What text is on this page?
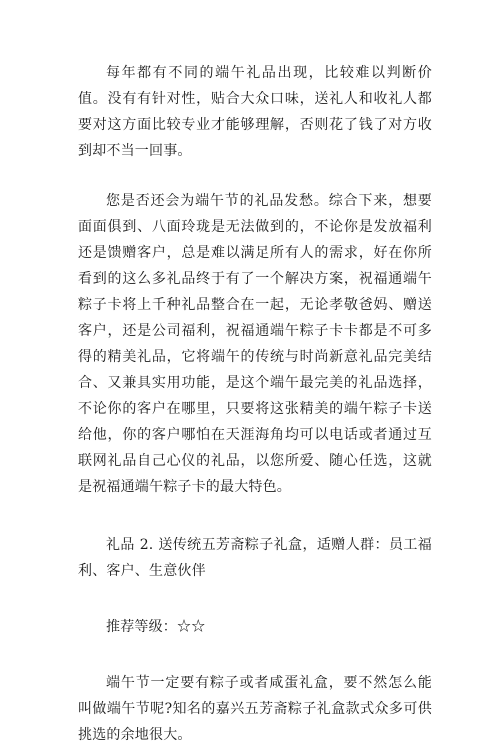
每年都有不同的端午礼品出现，比较难以判断价值。没有有针对性，贴合大众口味，送礼人和收礼人都要对这方面比较专业才能够理解，否则花了钱了对方收到却不当一回事。

您是否还会为端午节的礼品发愁。综合下来，想要面面俱到、八面玲珑是无法做到的，不论你是发放福利还是馈赠客户，总是难以满足所有人的需求，好在你所看到的这么多礼品终于有了一个解决方案，祝福通端午粽子卡将上千种礼品整合在一起，无论孝敬爸妈、赠送客户，还是公司福利，祝福通端午粽子卡卡都是不可多得的精美礼品，它将端午的传统与时尚新意礼品完美结合、又兼具实用功能，是这个端午最完美的礼品选择，不论你的客户在哪里，只要将这张精美的端午粽子卡送给他，你的客户哪怕在天涯海角均可以电话或者通过互联网礼品自己心仪的礼品，以您所爱、随心任选，这就是祝福通端午粽子卡的最大特色。

礼品 2. 送传统五芳斋粽子礼盒，适赠人群：员工福利、客户、生意伙伴

推荐等级：☆☆

端午节一定要有粽子或者咸蛋礼盒，要不然怎么能叫做端午节呢?知名的嘉兴五芳斋粽子礼盒款式众多可供挑选的余地很大。
